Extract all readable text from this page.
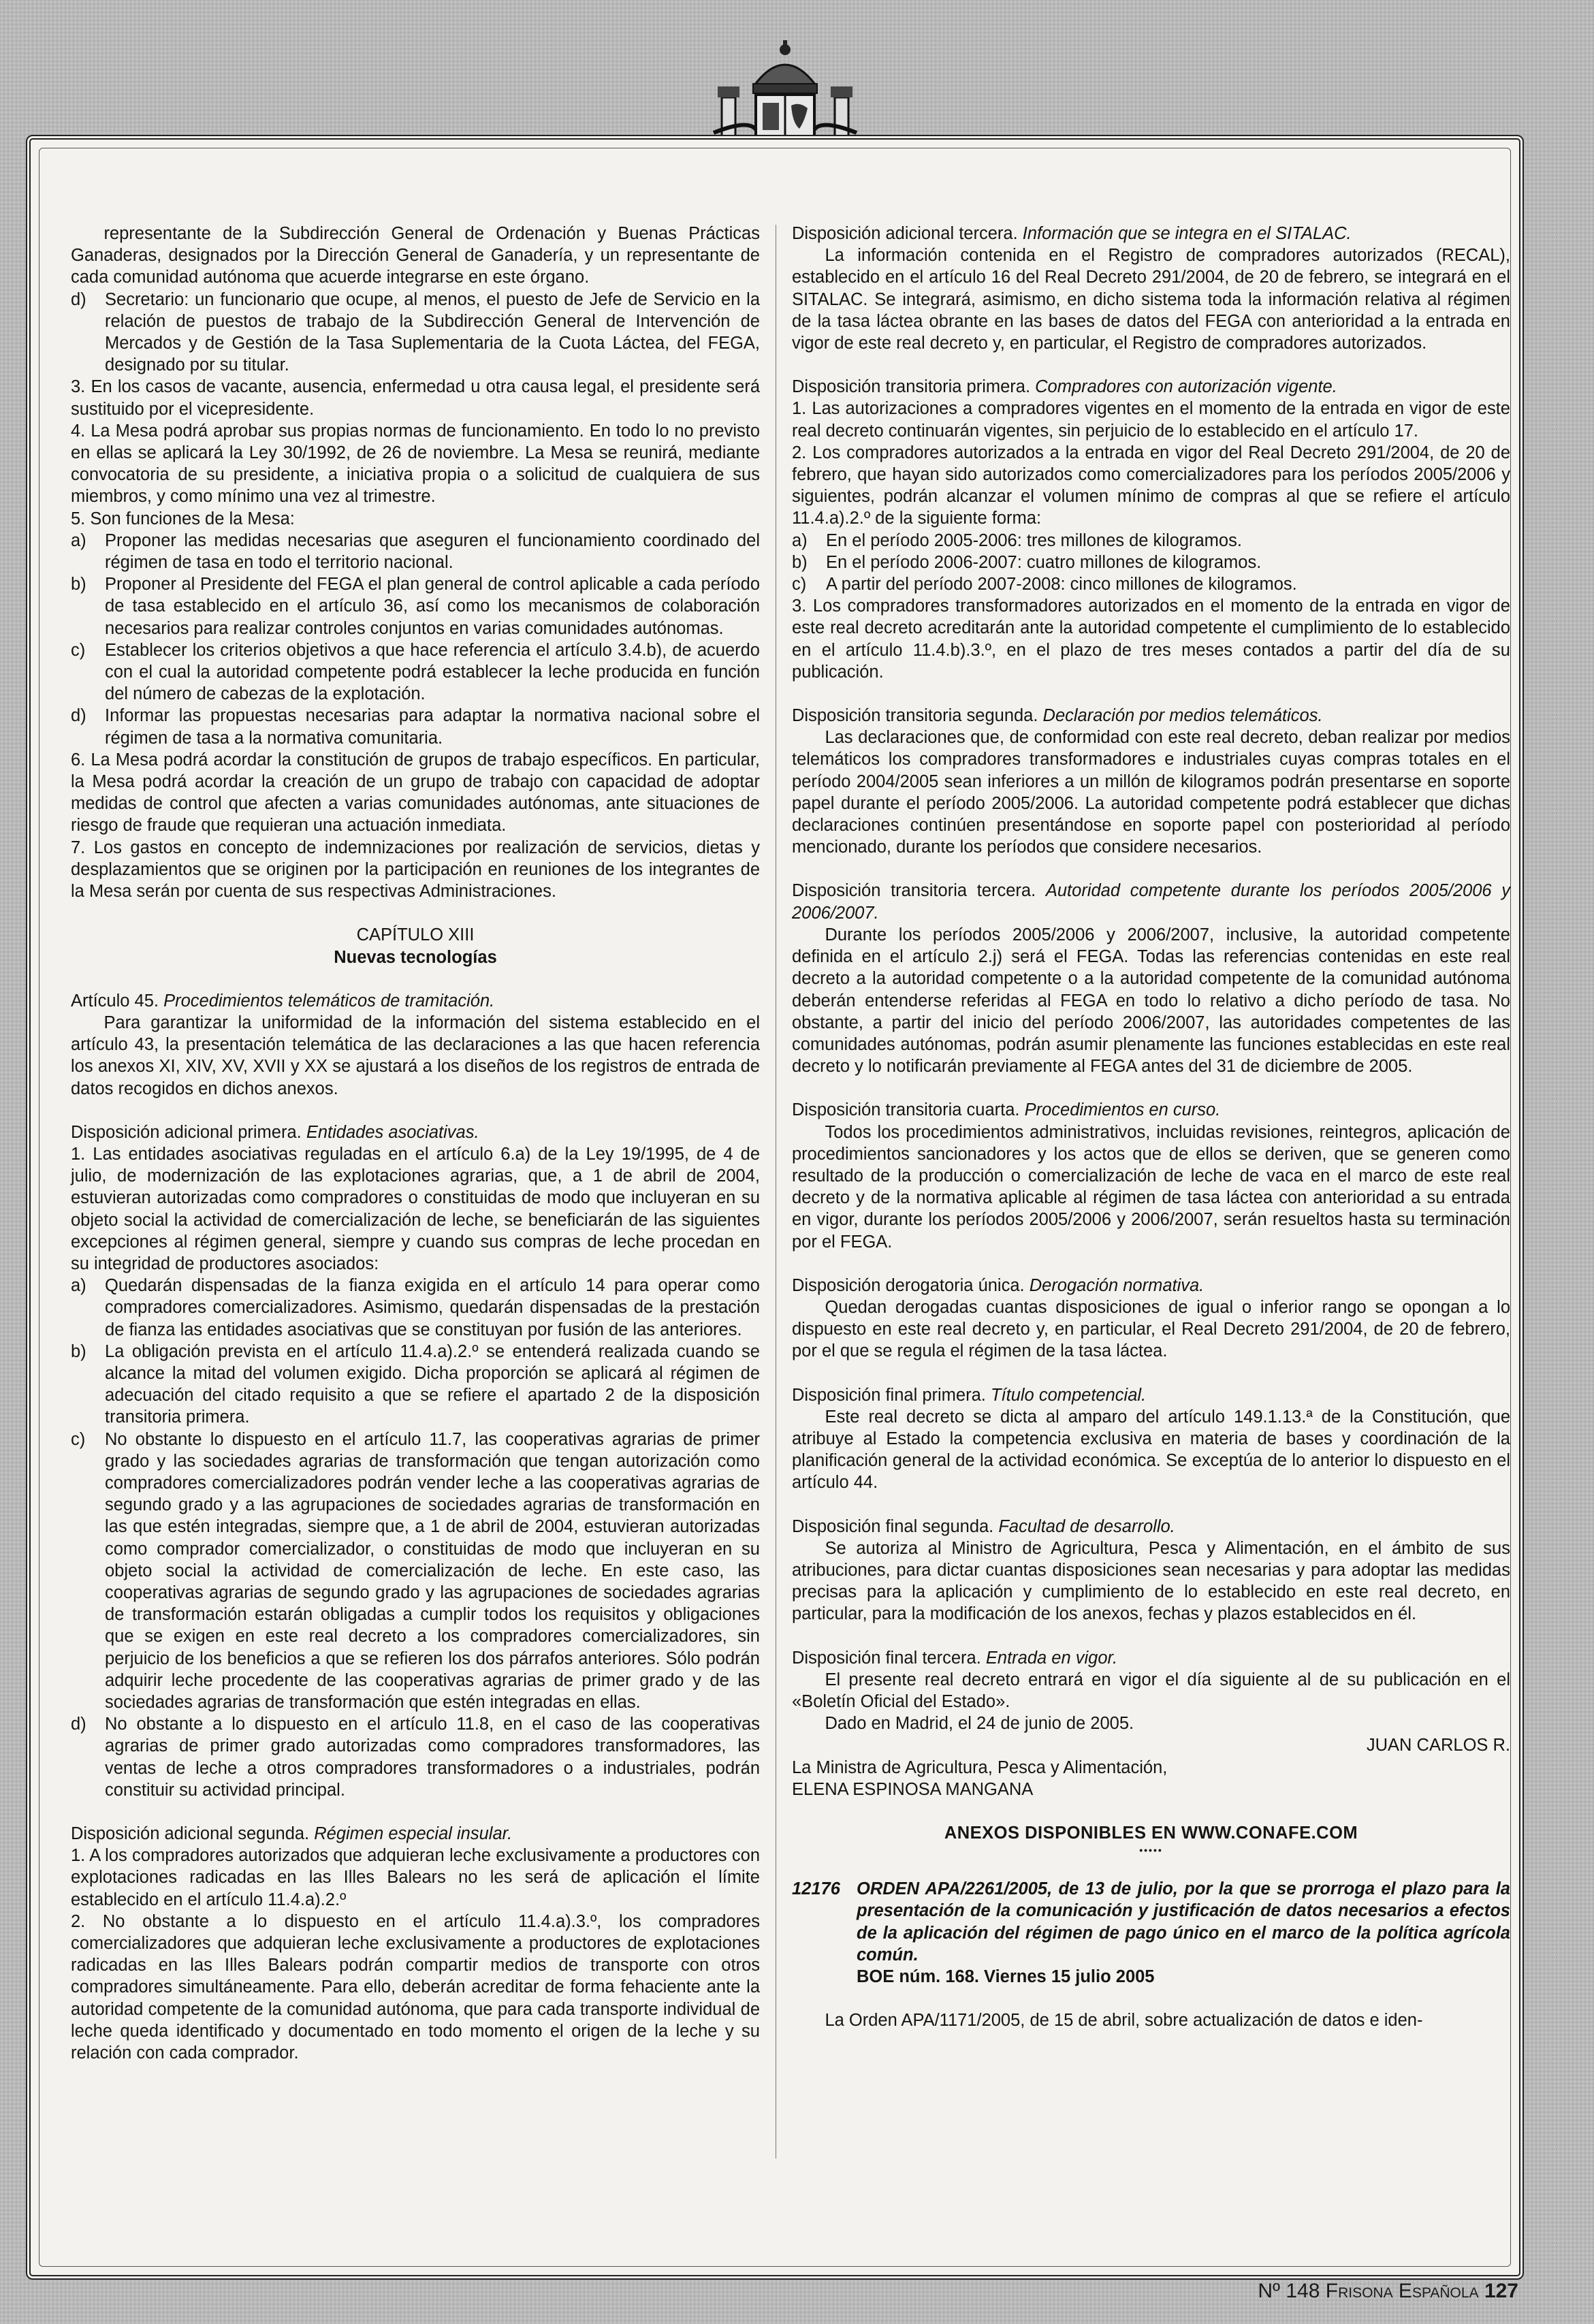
representante de la Subdirección General de Ordenación y Buenas Prácticas Ganaderas, designados por la Dirección General de Ganadería, y un representante de cada comunidad autónoma que acuerde integrarse en este órgano.

d)	Secretario: un funcionario que ocupe, al menos, el puesto de Jefe de Servicio en la relación de puestos de trabajo de la Subdirección General de Intervención de Mercados y de Gestión de la Tasa Suplementaria de la Cuota Láctea, del FEGA, designado por su titular.

3. En los casos de vacante, ausencia, enfermedad u otra causa legal, el presidente será sustituido por el vicepresidente.

4. La Mesa podrá aprobar sus propias normas de funcionamiento. En todo lo no previsto en ellas se aplicará la Ley 30/1992, de 26 de noviembre. La Mesa se reunirá, mediante convocatoria de su presidente, a iniciativa propia o a solicitud de cualquiera de sus miembros, y como mínimo una vez al trimestre.

5. Son funciones de la Mesa:

a)	Proponer las medidas necesarias que aseguren el funcionamiento coordinado del régimen de tasa en todo el territorio nacional.
b)	Proponer al Presidente del FEGA el plan general de control aplicable a cada período de tasa establecido en el artículo 36, así como los mecanismos de colaboración necesarios para realizar controles conjuntos en varias comunidades autónomas.
c)	Establecer los criterios objetivos a que hace referencia el artículo 3.4.b), de acuerdo con el cual la autoridad competente podrá establecer la leche producida en función del número de cabezas de la explotación.
d)	Informar las propuestas necesarias para adaptar la normativa nacional sobre el régimen de tasa a la normativa comunitaria.

6. La Mesa podrá acordar la constitución de grupos de trabajo específicos. En particular, la Mesa podrá acordar la creación de un grupo de trabajo con capacidad de adoptar medidas de control que afecten a varias comunidades autónomas, ante situaciones de riesgo de fraude que requieran una actuación inmediata.

7. Los gastos en concepto de indemnizaciones por realización de servicios, dietas y desplazamientos que se originen por la participación en reuniones de los integrantes de la Mesa serán por cuenta de sus respectivas Administraciones.

CAPÍTULO XIII

Nuevas tecnologías

Artículo 45. Procedimientos telemáticos de tramitación.

Para garantizar la uniformidad de la información del sistema establecido en el artículo 43, la presentación telemática de las declaraciones a las que hacen referencia los anexos XI, XIV, XV, XVII y XX se ajustará a los diseños de los registros de entrada de datos recogidos en dichos anexos.

Disposición adicional primera. Entidades asociativas.

1. Las entidades asociativas reguladas en el artículo 6.a) de la Ley 19/1995, de 4 de julio, de modernización de las explotaciones agrarias, que, a 1 de abril de 2004, estuvieran autorizadas como compradores o constituidas de modo que incluyeran en su objeto social la actividad de comercialización de leche, se beneficiarán de las siguientes excepciones al régimen general, siempre y cuando sus compras de leche procedan en su integridad de productores asociados:

a)	Quedarán dispensadas de la fianza exigida en el artículo 14 para operar como compradores comercializadores. Asimismo, quedarán dispensadas de la prestación de fianza las entidades asociativas que se constituyan por fusión de las anteriores.
b)	La obligación prevista en el artículo 11.4.a).2.º se entenderá realizada cuando se alcance la mitad del volumen exigido. Dicha proporción se aplicará al régimen de adecuación del citado requisito a que se refiere el apartado 2 de la disposición transitoria primera.
c)	No obstante lo dispuesto en el artículo 11.7, las cooperativas agrarias de primer grado y las sociedades agrarias de transformación que tengan autorización como compradores comercializadores podrán vender leche a las cooperativas agrarias de segundo grado y a las agrupaciones de sociedades agrarias de transformación en las que estén integradas, siempre que, a 1 de abril de 2004, estuvieran autorizadas como comprador comercializador, o constituidas de modo que incluyeran en su objeto social la actividad de comercialización de leche. En este caso, las cooperativas agrarias de segundo grado y las agrupaciones de sociedades agrarias de transformación estarán obligadas a cumplir todos los requisitos y obligaciones que se exigen en este real decreto a los compradores comercializadores, sin perjuicio de los beneficios a que se refieren los dos párrafos anteriores. Sólo podrán adquirir leche procedente de las cooperativas agrarias de primer grado y de las sociedades agrarias de transformación que estén integradas en ellas.
d)	No obstante a lo dispuesto en el artículo 11.8, en el caso de las cooperativas agrarias de primer grado autorizadas como compradores transformadores, las ventas de leche a otros compradores transformadores o a industriales, podrán constituir su actividad principal.

Disposición adicional segunda. Régimen especial insular.

1. A los compradores autorizados que adquieran leche exclusivamente a productores con explotaciones radicadas en las Illes Balears no les será de aplicación el límite establecido en el artículo 11.4.a).2.º

2. No obstante a lo dispuesto en el artículo 11.4.a).3.º, los compradores comercializadores que adquieran leche exclusivamente a productores de explotaciones radicadas en las Illes Balears podrán compartir medios de transporte con otros compradores simultáneamente. Para ello, deberán acreditar de forma fehaciente ante la autoridad competente de la comunidad autónoma, que para cada transporte individual de leche queda identificado y documentado en todo momento el origen de la leche y su relación con cada comprador.

Disposición adicional tercera. Información que se integra en el SITALAC.

La información contenida en el Registro de compradores autorizados (RECAL), establecido en el artículo 16 del Real Decreto 291/2004, de 20 de febrero, se integrará en el SITALAC. Se integrará, asimismo, en dicho sistema toda la información relativa al régimen de la tasa láctea obrante en las bases de datos del FEGA con anterioridad a la entrada en vigor de este real decreto y, en particular, el Registro de compradores autorizados.

Disposición transitoria primera. Compradores con autorización vigente.

1. Las autorizaciones a compradores vigentes en el momento de la entrada en vigor de este real decreto continuarán vigentes, sin perjuicio de lo establecido en el artículo 17.

2. Los compradores autorizados a la entrada en vigor del Real Decreto 291/2004, de 20 de febrero, que hayan sido autorizados como comercializadores para los períodos 2005/2006 y siguientes, podrán alcanzar el volumen mínimo de compras al que se refiere el artículo 11.4.a).2.º de la siguiente forma:

a)	En el período 2005-2006: tres millones de kilogramos.
b)	En el período 2006-2007: cuatro millones de kilogramos.
c)	A partir del período 2007-2008: cinco millones de kilogramos.

3. Los compradores transformadores autorizados en el momento de la entrada en vigor de este real decreto acreditarán ante la autoridad competente el cumplimiento de lo establecido en el artículo 11.4.b).3.º, en el plazo de tres meses contados a partir del día de su publicación.

Disposición transitoria segunda. Declaración por medios telemáticos.

Las declaraciones que, de conformidad con este real decreto, deban realizar por medios telemáticos los compradores transformadores e industriales cuyas compras totales en el período 2004/2005 sean inferiores a un millón de kilogramos podrán presentarse en soporte papel durante el período 2005/2006. La autoridad competente podrá establecer que dichas declaraciones continúen presentándose en soporte papel con posterioridad al período mencionado, durante los períodos que considere necesarios.

Disposición transitoria tercera. Autoridad competente durante los períodos 2005/2006 y 2006/2007.

Durante los períodos 2005/2006 y 2006/2007, inclusive, la autoridad competente definida en el artículo 2.j) será el FEGA. Todas las referencias contenidas en este real decreto a la autoridad competente o a la autoridad competente de la comunidad autónoma deberán entenderse referidas al FEGA en todo lo relativo a dicho período de tasa. No obstante, a partir del inicio del período 2006/2007, las autoridades competentes de las comunidades autónomas, podrán asumir plenamente las funciones establecidas en este real decreto y lo notificarán previamente al FEGA antes del 31 de diciembre de 2005.

Disposición transitoria cuarta. Procedimientos en curso.

Todos los procedimientos administrativos, incluidas revisiones, reintegros, aplicación de procedimientos sancionadores y los actos que de ellos se deriven, que se generen como resultado de la producción o comercialización de leche de vaca en el marco de este real decreto y de la normativa aplicable al régimen de tasa láctea con anterioridad a su entrada en vigor, durante los períodos 2005/2006 y 2006/2007, serán resueltos hasta su terminación por el FEGA.

Disposición derogatoria única. Derogación normativa.

Quedan derogadas cuantas disposiciones de igual o inferior rango se opongan a lo dispuesto en este real decreto y, en particular, el Real Decreto 291/2004, de 20 de febrero, por el que se regula el régimen de la tasa láctea.

Disposición final primera. Título competencial.

Este real decreto se dicta al amparo del artículo 149.1.13.ª de la Constitución, que atribuye al Estado la competencia exclusiva en materia de bases y coordinación de la planificación general de la actividad económica. Se exceptúa de lo anterior lo dispuesto en el artículo 44.

Disposición final segunda. Facultad de desarrollo.

Se autoriza al Ministro de Agricultura, Pesca y Alimentación, en el ámbito de sus atribuciones, para dictar cuantas disposiciones sean necesarias y para adoptar las medidas precisas para la aplicación y cumplimiento de lo establecido en este real decreto, en particular, para la modificación de los anexos, fechas y plazos establecidos en él.

Disposición final tercera. Entrada en vigor.

El presente real decreto entrará en vigor el día siguiente al de su publicación en el «Boletín Oficial del Estado».

Dado en Madrid, el 24 de junio de 2005.

JUAN CARLOS R.

La Ministra de Agricultura, Pesca y Alimentación,

ELENA ESPINOSA MANGANA

ANEXOS DISPONIBLES EN WWW.CONAFE.COM

•••••

12176 ORDEN APA/2261/2005, de 13 de julio, por la que se prorroga el plazo para la presentación de la comunicación y justificación de datos necesarios a efectos de la aplicación del régimen de pago único en el marco de la política agrícola común.
BOE núm. 168. Viernes 15 julio 2005

La Orden APA/1171/2005, de 15 de abril, sobre actualización de datos e iden-

Nº 148 Frisona Española 127
